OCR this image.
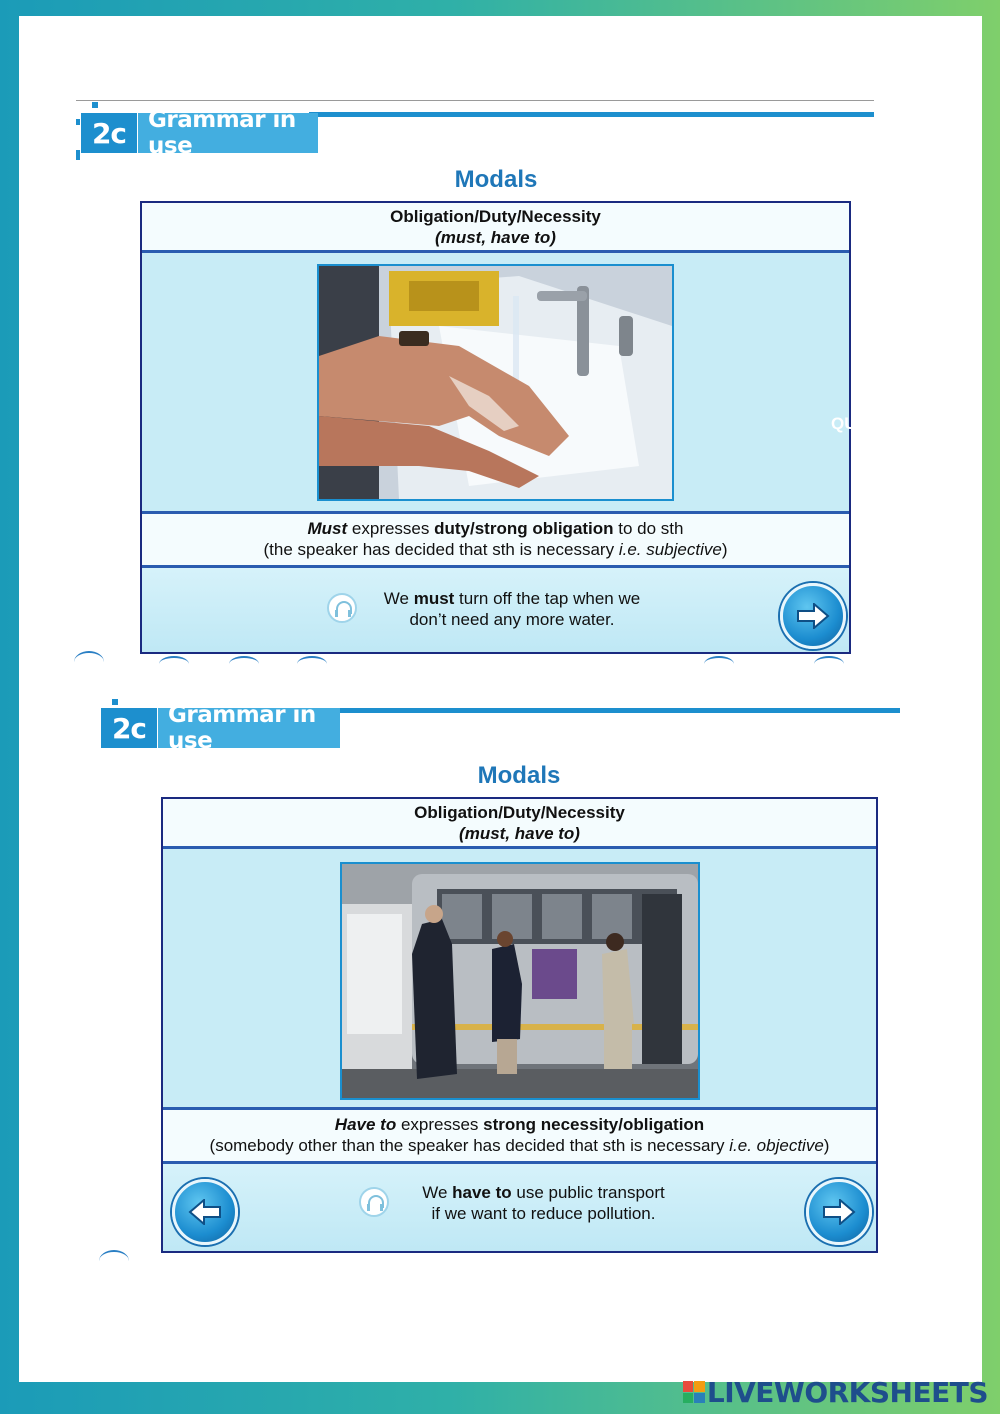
2c Grammar in use
Modals
Obligation/Duty/Necessity
(must, have to)
Must expresses duty/strong obligation to do sth
(the speaker has decided that sth is necessary i.e. subjective)
We must turn off the tap when we
don’t need any more water.
QU
2c Grammar in use
Modals
Obligation/Duty/Necessity
(must, have to)
Have to expresses strong necessity/obligation
(somebody other than the speaker has decided that sth is necessary i.e. objective)
We have to use public transport
if we want to reduce pollution.
LIVEWORKSHEETS
